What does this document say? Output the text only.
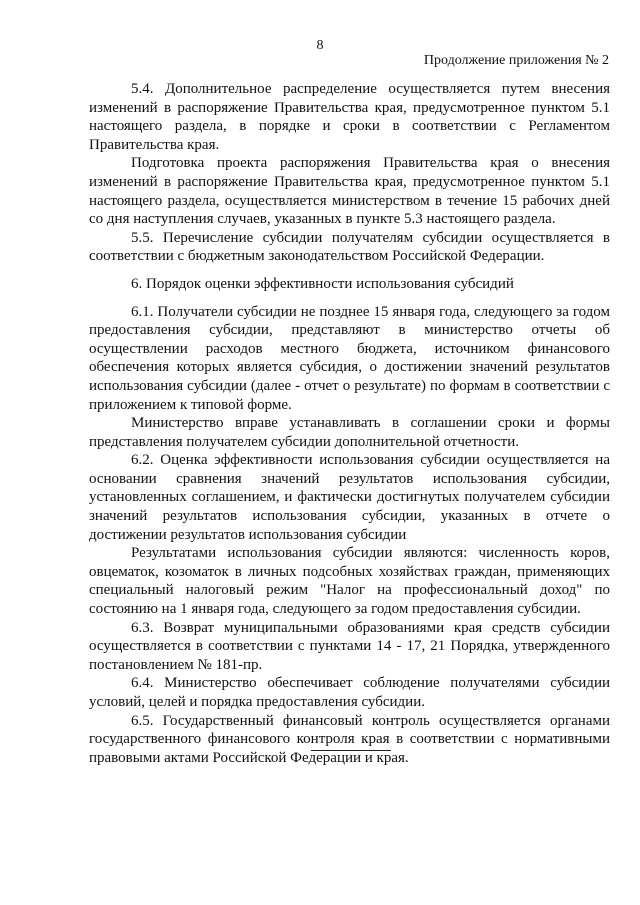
8
Продолжение приложения № 2

5.4. Дополнительное распределение осуществляется путем внесения изменений в распоряжение Правительства края, предусмотренное пунктом 5.1 настоящего раздела, в порядке и сроки в соответствии с Регламентом Правительства края.

Подготовка проекта распоряжения Правительства края о внесения изменений в распоряжение Правительства края, предусмотренное пунктом 5.1 настоящего раздела, осуществляется министерством в течение 15 рабочих дней со дня наступления случаев, указанных в пункте 5.3 настоящего раздела.

5.5. Перечисление субсидии получателям субсидии осуществляется в соответствии с бюджетным законодательством Российской Федерации.

6. Порядок оценки эффективности использования субсидий

6.1. Получатели субсидии не позднее 15 января года, следующего за годом предоставления субсидии, представляют в министерство отчеты об осуществлении расходов местного бюджета, источником финансового обеспечения которых является субсидия, о достижении значений результатов использования субсидии (далее - отчет о результате) по формам в соответствии с приложением к типовой форме.

Министерство вправе устанавливать в соглашении сроки и формы представления получателем субсидии дополнительной отчетности.

6.2. Оценка эффективности использования субсидии осуществляется на основании сравнения значений результатов использования субсидии, установленных соглашением, и фактически достигнутых получателем субсидии значений результатов использования субсидии, указанных в отчете о достижении результатов использования субсидии

Результатами использования субсидии являются: численность коров, овцематок, козоматок в личных подсобных хозяйствах граждан, применяющих специальный налоговый режим "Налог на профессиональный доход" по состоянию на 1 января года, следующего за годом предоставления субсидии.

6.3. Возврат муниципальными образованиями края средств субсидии осуществляется в соответствии с пунктами 14 - 17, 21 Порядка, утвержденного постановлением № 181-пр.

6.4. Министерство обеспечивает соблюдение получателями субсидии условий, целей и порядка предоставления субсидии.

6.5. Государственный финансовый контроль осуществляется органами государственного финансового контроля края в соответствии с нормативными правовыми актами Российской Федерации и края.
